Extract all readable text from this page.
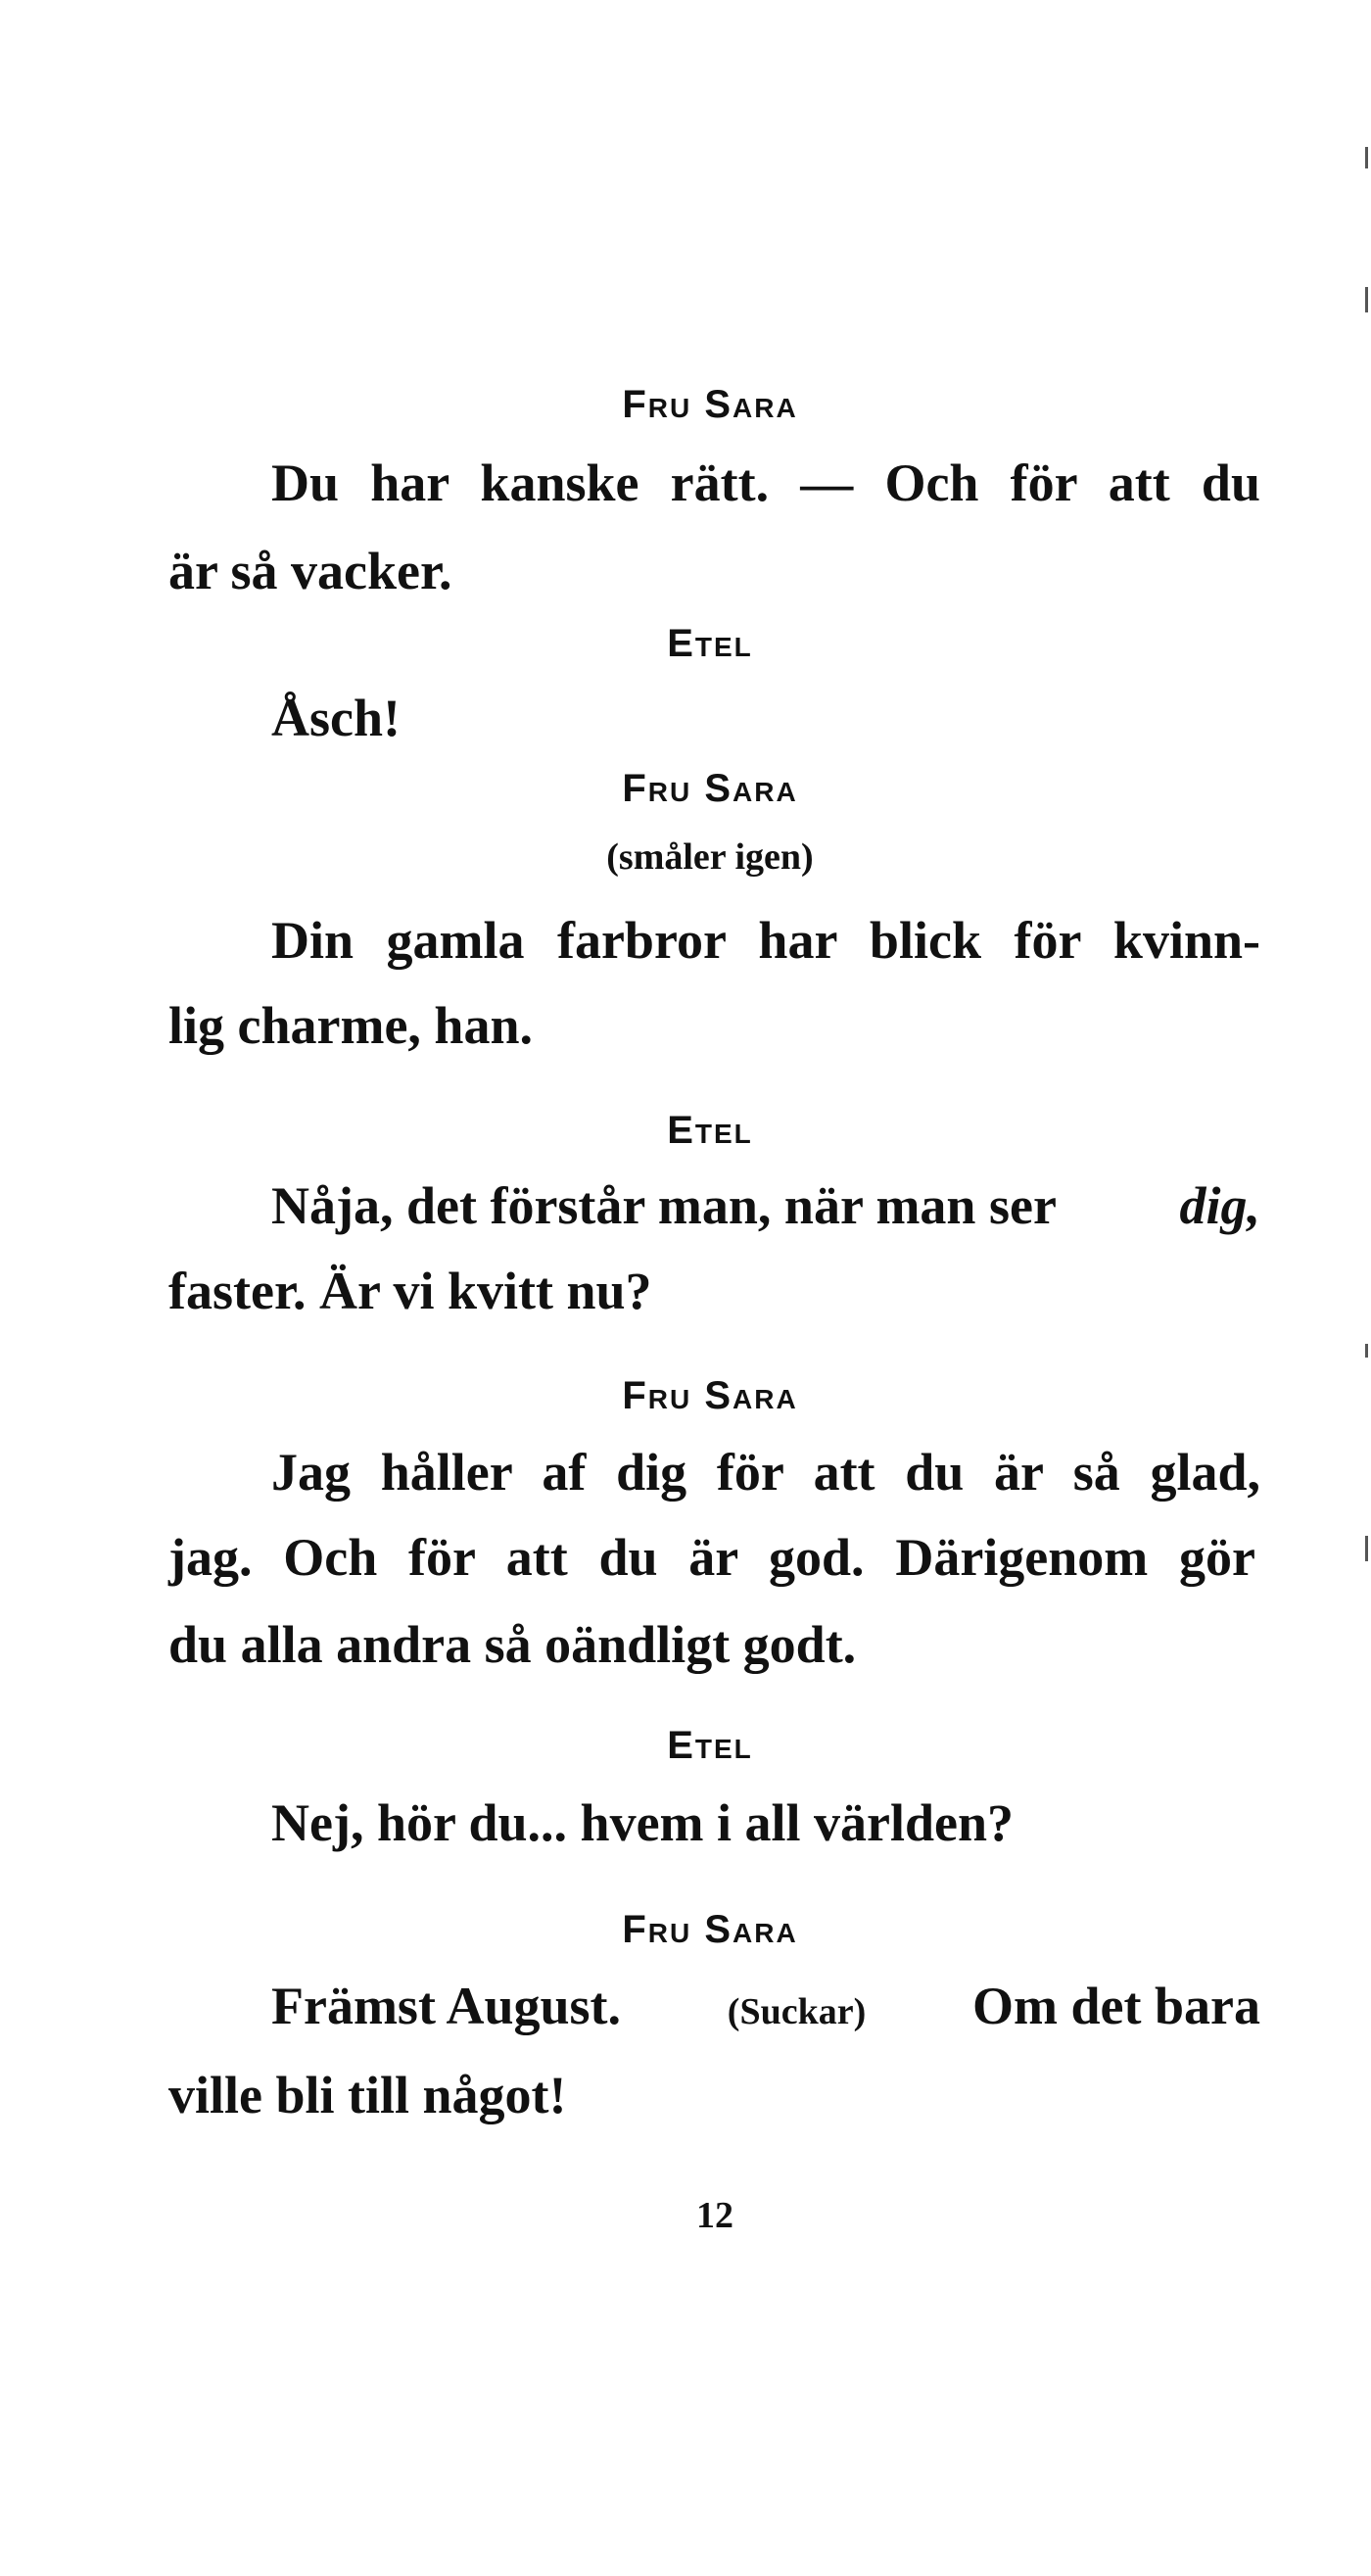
Fru Sara
Du har kanske rätt. — Och för att du
är så vacker.
Etel
Åsch!
Fru Sara
(småler igen)
Din gamla farbror har blick för kvinn-
lig charme, han.
Etel
Nåja, det förstår man, när man ser dig,
faster. Är vi kvitt nu?
Fru Sara
Jag håller af dig för att du är så glad,
jag. Och för att du är god. Därigenom gör
du alla andra så oändligt godt.
Etel
Nej, hör du... hvem i all världen?
Fru Sara
Främst August.	(Suckar) Om det bara
ville bli till något!
12
